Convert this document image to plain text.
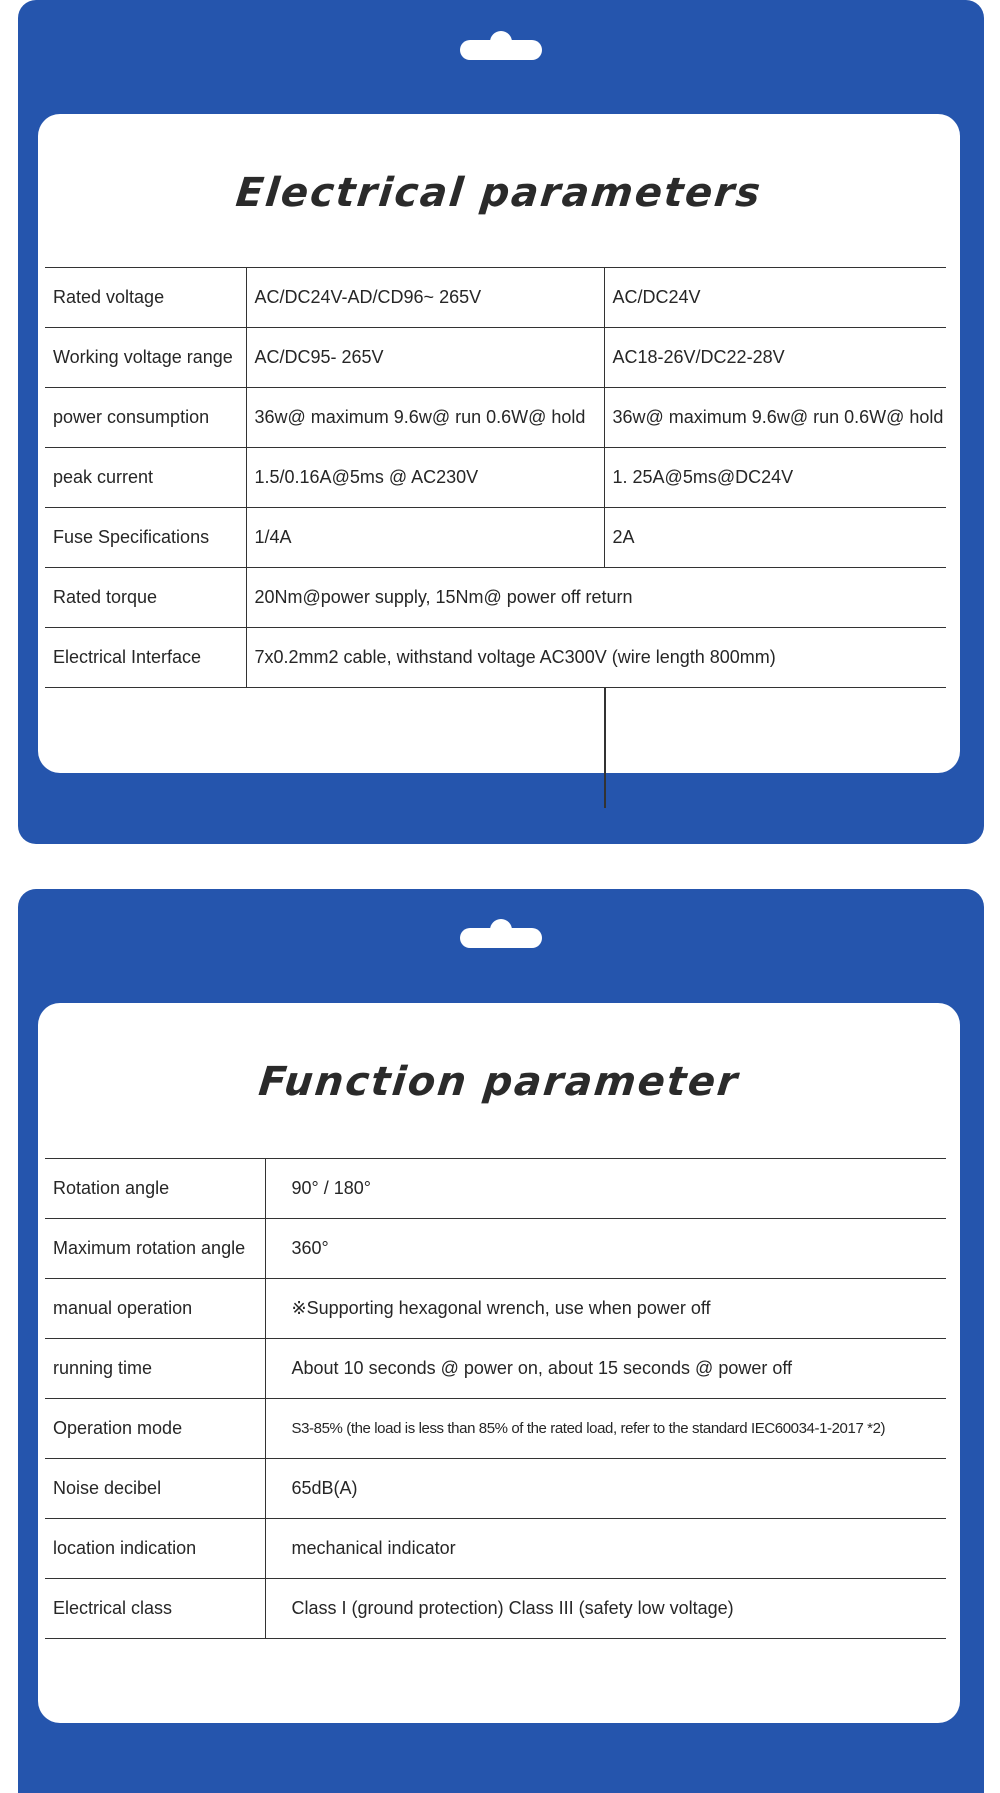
Electrical parameters
Rated voltage	AC/DC24V-AD/CD96~ 265V	AC/DC24V
Working voltage range	AC/DC95- 265V	AC18-26V/DC22-28V
power consumption	36w@ maximum 9.6w@ run 0.6W@ hold	36w@ maximum 9.6w@ run 0.6W@ hold
peak current	1.5/0.16A@5ms @ AC230V	1. 25A@5ms@DC24V
Fuse Specifications	1/4A	2A
Rated torque	20Nm@power supply, 15Nm@ power off return	
Electrical Interface	7x0.2mm2 cable, withstand voltage AC300V (wire length 800mm)	
Function parameter
Rotation angle	90° / 180°
Maximum rotation angle	360°
manual operation	※Supporting hexagonal wrench, use when power off
running time	About 10 seconds @ power on, about 15 seconds @ power off
Operation mode	S3-85% (the load is less than 85% of the rated load, refer to the standard IEC60034-1-2017 *2)
Noise decibel	65dB(A)
location indication	mechanical indicator
Electrical class	Class I (ground protection) Class III (safety low voltage)
